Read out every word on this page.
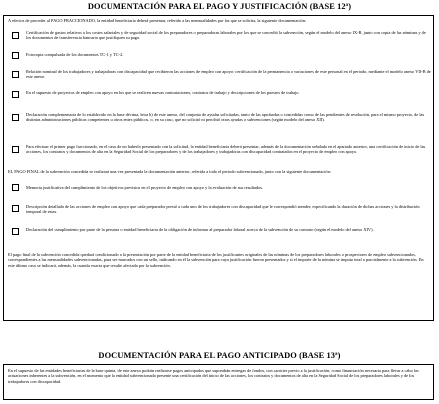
DOCUMENTACIÓN PARA EL PAGO Y JUSTIFICACIÓN (BASE 12ª)
A efectos de proceder al PAGO FRACCIONADO, la entidad beneficiaria deberá presentar, referido a las mensualidades por las que se solicita, la siguiente documentación:
Certificación de gastos relativos a los costes salariales y de seguridad social de los preparadores o preparadoras laborales por los que se concedió la subvención, según el modelo del anexo IX-B, junto con copia de las nóminas y de los documentos de transferencia bancaria que justifiquen su pago.
Fotocopia compulsada de los documentos TC-1 y TC-2.
Relación nominal de los trabajadores y trabajadoras con discapacidad que recibieron las acciones de empleo con apoyo: certificación de la permanencia o variaciones de este personal en el periodo, mediante el modelo anexo VII-B de este anexo.
En el supuesto de proyectos de empleo con apoyo en los que se realicen nuevas contrataciones, contratos de trabajo y descripciones de los puestos de trabajo.
Declaración complementaria de lo establecido en la base décima, letra b) de este anexo, del conjunto de ayudas solicitadas, tanto de las aprobadas o concedidas como de las pendientes de resolución, para el mismo proyecto, de las distintas administraciones públicas competentes u otros entes públicos, o, en su caso, que no solicitó ni percibió otras ayudas o subvenciones (según modelo del anexo XII).
Para efectuar el primer pago fraccionado, en el caso de no haberlo presentado con la solicitud, la entidad beneficiaria deberá presentar, además de la documentación señalada en el apartado anterior, una certificación de inicio de las acciones, los contratos y documentos de alta en la Seguridad Social de los preparadores y de los trabajadores y trabajadoras con discapacidad contratados en el proyecto de empleo con apoyo.
EL PAGO FINAL de la subvención concedida se realizará una vez presentada la documentación anterior, referida a todo el periodo subvencionado, junto con la siguiente documentación:
Memoria justificativa del cumplimiento de los objetivos previstos en el proyecto de empleo con apoyo y la evaluación de sus resultados.
Descripción detallada de las acciones de empleo con apoyo que cada preparador prestó a cada uno de los trabajadores con discapacidad que le correspondió atender, especificando la duración de dichas acciones y la distribución temporal de estas.
Declaración del cumplimiento por parte de la persona o entidad beneficiaria de la obligación de informar al preparador laboral acerca de la subvención de su contrato (según el modelo del anexo XIV).
El pago final de la subvención concedida quedará condicionado a la presentación por parte de la entidad beneficiaria de los justificantes originales de las nóminas de los preparadores laborales o prospectores de empleo subvencionados, correspondientes a las mensualidades subvencionadas, para ser marcados con un sello, indicando en él la subvención para cuya justificación fueron presentados y si el importe de la nómina se imputa total o parcialmente a la subvención. En este último caso se indicará, además, la cuantía exacta que resulte afectada por la subvención.
DOCUMENTACIÓN PARA EL PAGO ANTICIPADO (BASE 13ª)
En el supuesto de las entidades beneficiarias de la base quinta, de este anexo podrán realizarse pagos anticipados que supondrán entregas de fondos, con carácter previo a la justificación, como financiación necesaria para llevar a cabo las actuaciones inherentes a la subvención, en el momento que la entidad subvencionada presente una certificación del inicio de las acciones, los contratos y documentos de alta en la Seguridad Social de los preparadores laborales y de los trabajadores con discapacidad.
